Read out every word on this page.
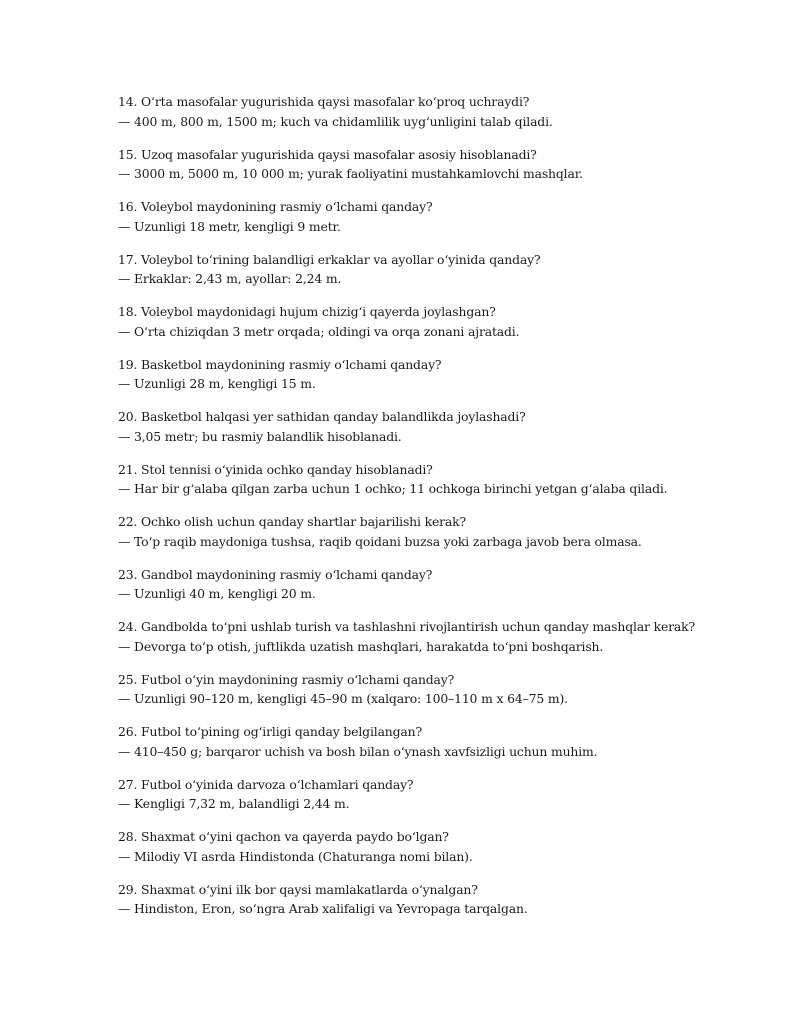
14. O‘rta masofalar yugurishida qaysi masofalar ko‘proq uchraydi?
— 400 m, 800 m, 1500 m; kuch va chidamlilik uyg‘unligini talab qiladi.
15. Uzoq masofalar yugurishida qaysi masofalar asosiy hisoblanadi?
— 3000 m, 5000 m, 10 000 m; yurak faoliyatini mustahkamlovchi mashqlar.
16. Voleybol maydonining rasmiy o‘lchami qanday?
— Uzunligi 18 metr, kengligi 9 metr.
17. Voleybol to‘rining balandligi erkaklar va ayollar o‘yinida qanday?
— Erkaklar: 2,43 m, ayollar: 2,24 m.
18. Voleybol maydonidagi hujum chizig‘i qayerda joylashgan?
— O‘rta chiziqdan 3 metr orqada; oldingi va orqa zonani ajratadi.
19. Basketbol maydonining rasmiy o‘lchami qanday?
— Uzunligi 28 m, kengligi 15 m.
20. Basketbol halqasi yer sathidan qanday balandlikda joylashadi?
— 3,05 metr; bu rasmiy balandlik hisoblanadi.
21. Stol tennisi o‘yinida ochko qanday hisoblanadi?
— Har bir g‘alaba qilgan zarba uchun 1 ochko; 11 ochkoga birinchi yetgan g‘alaba qiladi.
22. Ochko olish uchun qanday shartlar bajarilishi kerak?
— To‘p raqib maydoniga tushsa, raqib qoidani buzsa yoki zarbaga javob bera olmasa.
23. Gandbol maydonining rasmiy o‘lchami qanday?
— Uzunligi 40 m, kengligi 20 m.
24. Gandbolda to‘pni ushlab turish va tashlashni rivojlantirish uchun qanday mashqlar kerak?
— Devorga to‘p otish, juftlikda uzatish mashqlari, harakatda to‘pni boshqarish.
25. Futbol o‘yin maydonining rasmiy o‘lchami qanday?
— Uzunligi 90–120 m, kengligi 45–90 m (xalqaro: 100–110 m x 64–75 m).
26. Futbol to‘pining og‘irligi qanday belgilangan?
— 410–450 g; barqaror uchish va bosh bilan o‘ynash xavfsizligi uchun muhim.
27. Futbol o‘yinida darvoza o‘lchamlari qanday?
— Kengligi 7,32 m, balandligi 2,44 m.
28. Shaxmat o‘yini qachon va qayerda paydo bo‘lgan?
— Milodiy VI asrda Hindistonda (Chaturanga nomi bilan).
29. Shaxmat o‘yini ilk bor qaysi mamlakatlarda o‘ynalgan?
— Hindiston, Eron, so‘ngra Arab xalifaligi va Yevropaga tarqalgan.
